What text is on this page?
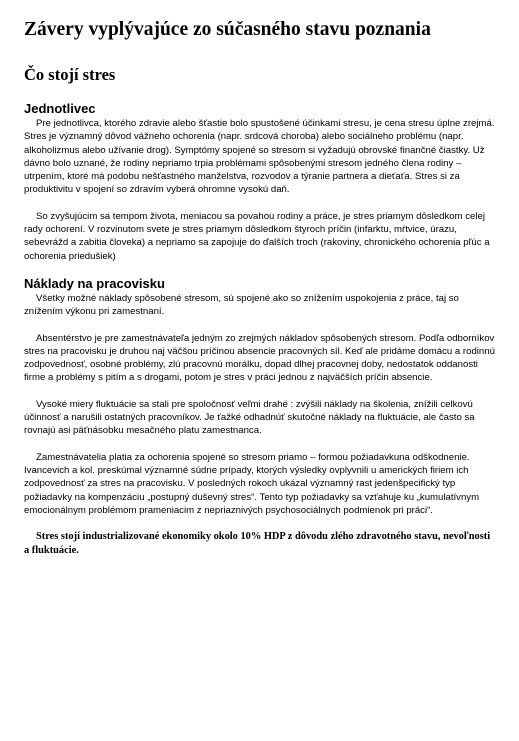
Závery vyplývajúce zo súčasného stavu poznania
Čo stojí stres
Jednotlivec

Pre jednotlivca, ktorého zdravie alebo šťastie bolo spustošené účinkami stresu, je cena stresu úplne zrejmá. Stres je významný dôvod vážneho ochorenia (napr. srdcová choroba) alebo sociálneho problému (napr. alkoholizmus alebo užívanie drog). Symptómy spojené so stresom si vyžadujú obrovské finančné čiastky. Už dávno bolo uznané, že rodiny nepriamo trpia problémami spôsobenými stresom jedného člena rodiny – utrpením, ktoré má podobu nešťastného manželstva, rozvodov a týranie partnera a dieťaťa. Stres si za produktivitu v spojení so zdravím vyberá ohromne vysokú daň.

So zvyšujúcim sa tempom života, meniacou sa povahou rodiny a práce, je stres priamym dôsledkom celej rady ochorení. V rozvinutom svete je stres priamym dôsledkom štyroch príčin (infarktu, mŕtvice, úrazu, sebevrážd a zabitia človeka) a nepriamo sa zapojuje do ďalších troch (rakoviny, chronického ochorenia pľúc a ochorenia priedušiek)

Náklady na pracovisku

Všetky možné náklady spôsobené stresom, sú spojené ako so znížením uspokojenia z práce, taj so znížením výkonu pri zamestnaní.

Absentérstvo je pre zamestnávateľa jedným zo zrejmých nákladov spôsobených stresom. Podľa odborníkov stres na pracovisku je druhou naj väčšou príčinou absencie pracovných síl. Keď ale pridáme domácu a rodinnú zodpovednosť, osobné problémy, zlú pracovnú morálku, dopad dlhej pracovnej doby, nedostatok oddanosti firme a problémy s pitím a s drogami, potom je stres v práci jednou z najväčších príčin absencie.

Vysoké miery fluktuácie sa stali pre spoločnosť veľmi drahé : zvýšili náklady na školenia, znížili celkovú účinnosť a narušili ostatných pracovníkov. Je ťažké odhadnúť skutočné náklady na fluktuácie, ale často sa rovnajú asi päťnásobku mesačného platu zamestnanca.

Zamestnávatelia platia za ochorenia spojené so stresom priamo – formou požiadavkuna odškodnenie. Ivancevich a kol. preskúmal významné súdne prípady, ktorých výsledky ovplyvnili u amerických firiem ich zodpovednosť za stres na pracovisku. V posledných rokoch ukázal významný rast jedenšpecifický typ požiadavky na kompenzáciu „postupný duševný stres“. Tento typ požiadavky sa vzťahuje ku „kumulatívnym emocionálnym problémom prameniacim z nepriaznivých psychosociálnych podmienok pri práci“.

Stres stojí industrializované ekonomiky okolo 10% HDP z dôvodu zlého zdravotného stavu, nevoľnosti a fluktuácie.
